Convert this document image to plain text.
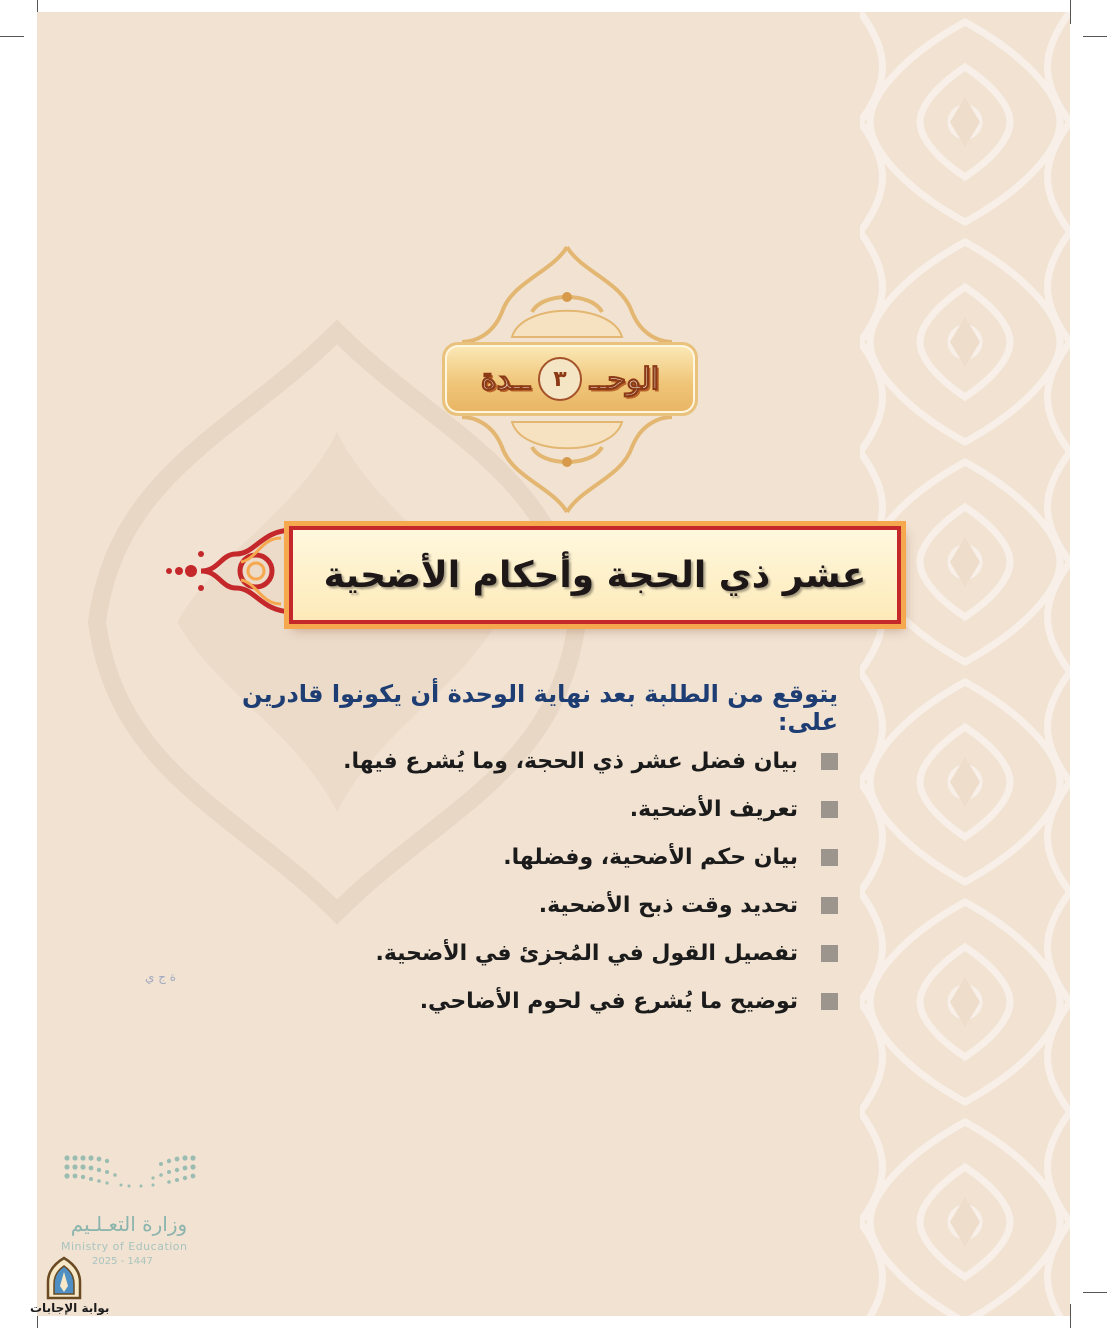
ﺓ ﺝ ﻱ
الوحــ
٣
ــدة
عشر ذي الحجة وأحكام الأضحية
يتوقع من الطلبة بعد نهاية الوحدة أن يكونوا قادرين على:
بيان فضل عشر ذي الحجة، وما يُشرع فيها.
تعريف الأضحية.
بيان حكم الأضحية، وفضلها.
تحديد وقت ذبح الأضحية.
تفصيل القول في المُجزئ في الأضحية.
توضيح ما يُشرع في لحوم الأضاحي.
وزارة التعـلـيم
Ministry of Education
2025 - 1447
بوابة الإجابات
